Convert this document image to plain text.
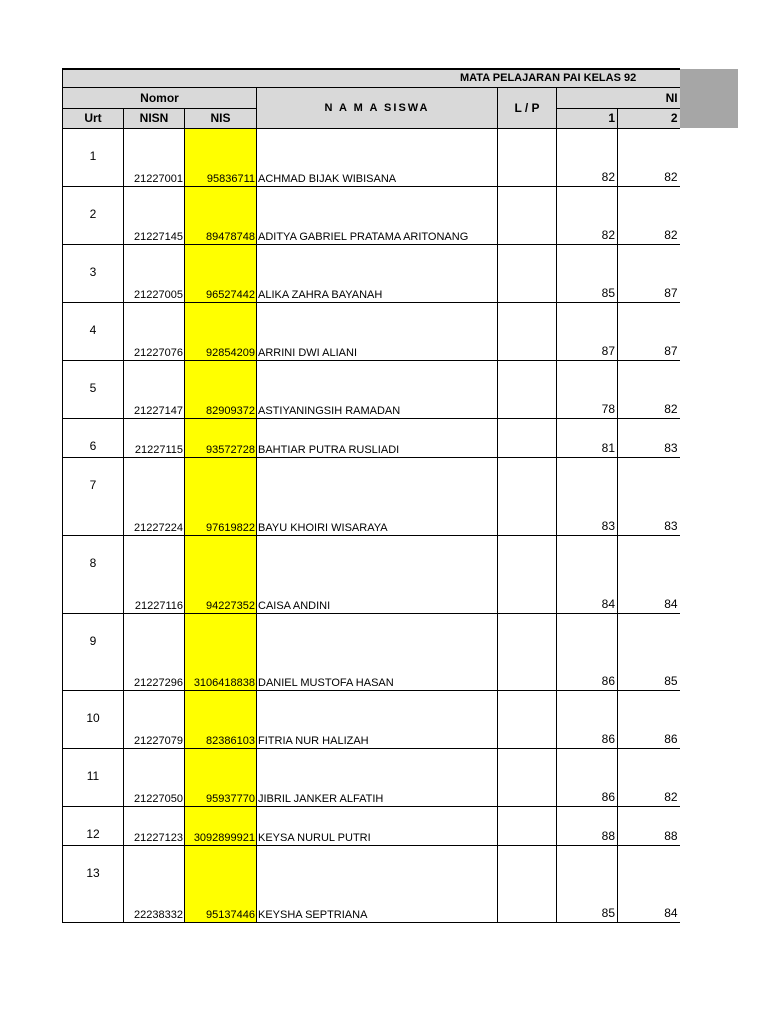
MATA PELAJARAN PAI KELAS 92						
Nomor			N A M A SISWA	L / P	NI	
Urt	NISN	NIS			1	2
1	21227001	95836711	ACHMAD BIJAK WIBISANA		82	82
2	21227145	89478748	ADITYA GABRIEL PRATAMA ARITONANG		82	82
3	21227005	96527442	ALIKA ZAHRA BAYANAH		85	87
4	21227076	92854209	ARRINI DWI ALIANI		87	87
5	21227147	82909372	ASTIYANINGSIH RAMADAN		78	82
6	21227115	93572728	BAHTIAR PUTRA RUSLIADI		81	83
7	21227224	97619822	BAYU KHOIRI WISARAYA		83	83
8	21227116	94227352	CAISA ANDINI		84	84
9	21227296	3106418838	DANIEL MUSTOFA HASAN		86	85
10	21227079	82386103	FITRIA NUR HALIZAH		86	86
11	21227050	95937770	JIBRIL JANKER ALFATIH		86	82
12	21227123	3092899921	KEYSA NURUL PUTRI		88	88
13	22238332	95137446	KEYSHA SEPTRIANA		85	84
